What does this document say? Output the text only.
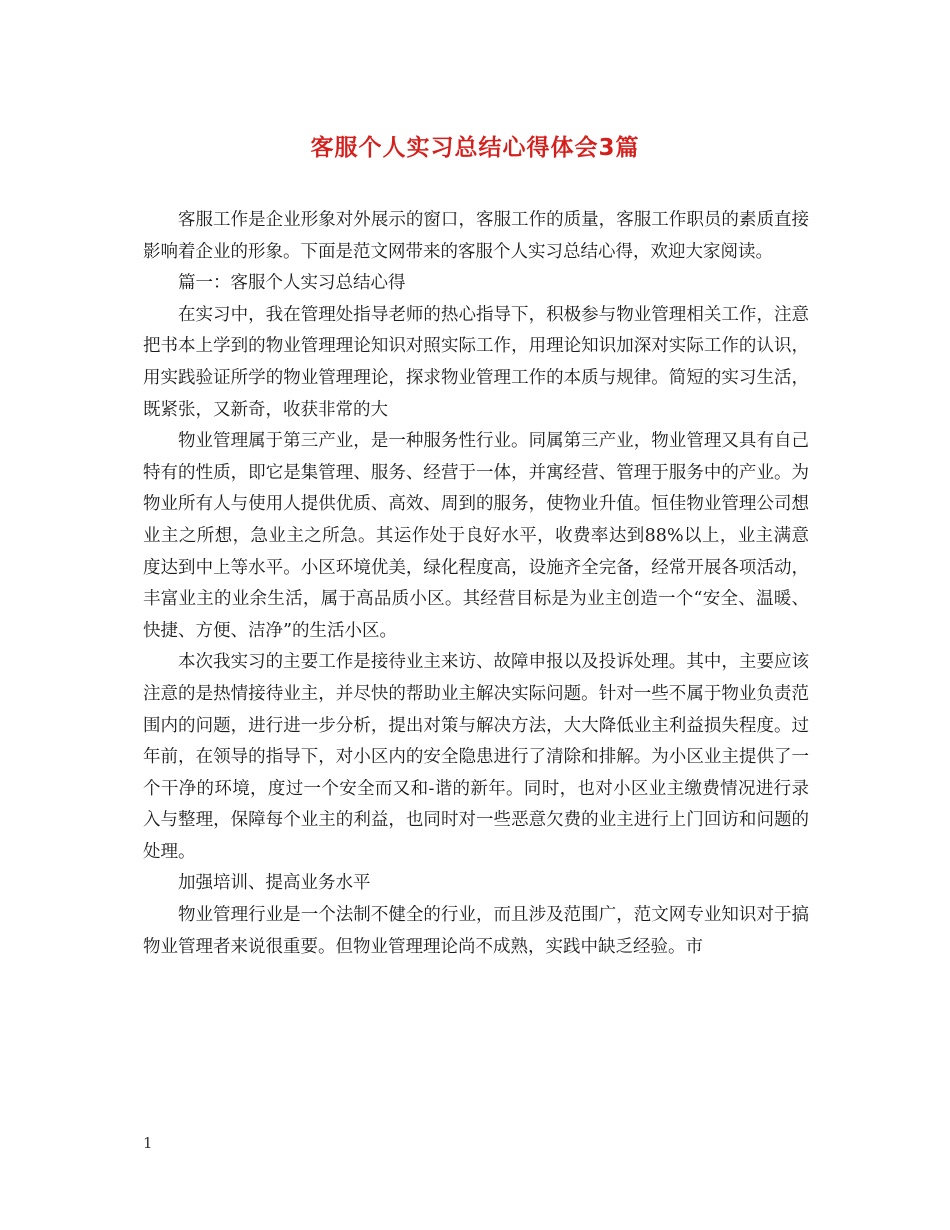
客服个人实习总结心得体会3篇

客服工作是企业形象对外展示的窗口，客服工作的质量，客服工作职员的素质直接影响着企业的形象。下面是范文网带来的客服个人实习总结心得，欢迎大家阅读。

篇一：客服个人实习总结心得

在实习中，我在管理处指导老师的热心指导下，积极参与物业管理相关工作，注意把书本上学到的物业管理理论知识对照实际工作，用理论知识加深对实际工作的认识，用实践验证所学的物业管理理论，探求物业管理工作的本质与规律。简短的实习生活，既紧张，又新奇，收获非常的大

物业管理属于第三产业，是一种服务性行业。同属第三产业，物业管理又具有自己特有的性质，即它是集管理、服务、经营于一体，并寓经营、管理于服务中的产业。为物业所有人与使用人提供优质、高效、周到的服务，使物业升值。恒佳物业管理公司想业主之所想，急业主之所急。其运作处于良好水平，收费率达到88%以上，业主满意度达到中上等水平。小区环境优美，绿化程度高，设施齐全完备，经常开展各项活动，丰富业主的业余生活，属于高品质小区。其经营目标是为业主创造一个“安全、温暖、快捷、方便、洁净”的生活小区。

本次我实习的主要工作是接待业主来访、故障申报以及投诉处理。其中，主要应该注意的是热情接待业主，并尽快的帮助业主解决实际问题。针对一些不属于物业负责范围内的问题，进行进一步分析，提出对策与解决方法，大大降低业主利益损失程度。过年前，在领导的指导下，对小区内的安全隐患进行了清除和排解。为小区业主提供了一个干净的环境，度过一个安全而又和-谐的新年。同时，也对小区业主缴费情况进行录入与整理，保障每个业主的利益，也同时对一些恶意欠费的业主进行上门回访和问题的处理。

加强培训、提高业务水平

物业管理行业是一个法制不健全的行业，而且涉及范围广，范文网专业知识对于搞物业管理者来说很重要。但物业管理理论尚不成熟，实践中缺乏经验。市

1
